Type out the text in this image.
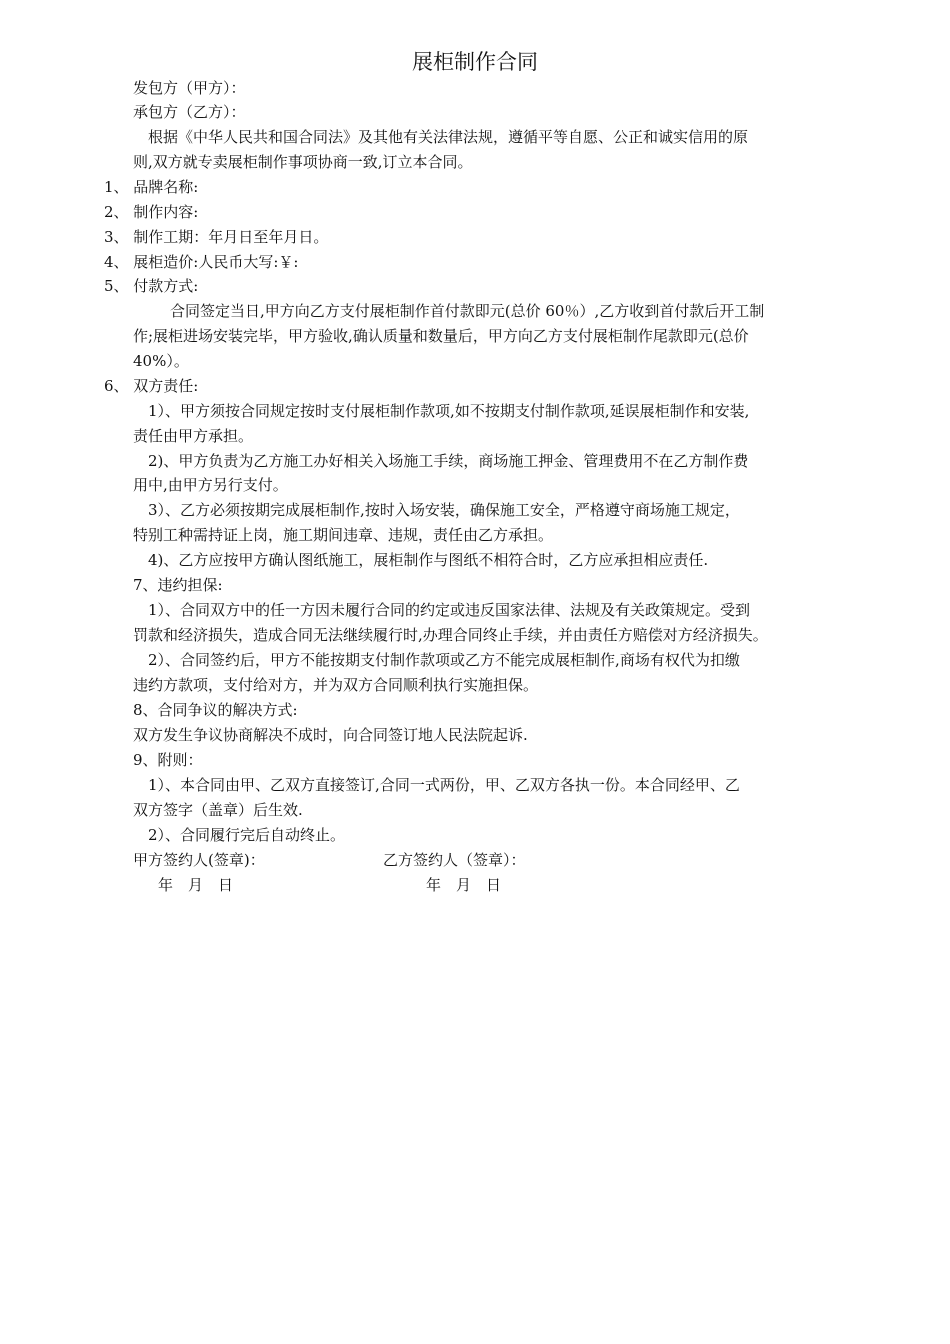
展柜制作合同
发包方（甲方）：
承包方（乙方）：
根据《中华人民共和国合同法》及其他有关法律法规，遵循平等自愿、公正和诚实信用的原
则,双方就专卖展柜制作事项协商一致,订立本合同。
1、 品牌名称:
2、 制作内容:
3、 制作工期：年月日至年月日。
4、 展柜造价:人民币大写:￥:
5、 付款方式:
合同签定当日,甲方向乙方支付展柜制作首付款即元(总价 60％）,乙方收到首付款后开工制
作;展柜进场安装完毕，甲方验收,确认质量和数量后，甲方向乙方支付展柜制作尾款即元(总价
40%）。
6、 双方责任:
1）、甲方须按合同规定按时支付展柜制作款项,如不按期支付制作款项,延误展柜制作和安装,
责任由甲方承担。
2)、甲方负责为乙方施工办好相关入场施工手续，商场施工押金、管理费用不在乙方制作费
用中,由甲方另行支付。
3）、乙方必须按期完成展柜制作,按时入场安装，确保施工安全，严格遵守商场施工规定，
特别工种需持证上岗，施工期间违章、违规，责任由乙方承担。
4)、乙方应按甲方确认图纸施工，展柜制作与图纸不相符合时，乙方应承担相应责任.
7、违约担保:
1）、合同双方中的任一方因未履行合同的约定或违反国家法律、法规及有关政策规定。受到
罚款和经济损失，造成合同无法继续履行时,办理合同终止手续，并由责任方赔偿对方经济损失。
2）、合同签约后，甲方不能按期支付制作款项或乙方不能完成展柜制作,商场有权代为扣缴
违约方款项，支付给对方，并为双方合同顺利执行实施担保。
8、合同争议的解决方式:
双方发生争议协商解决不成时，向合同签订地人民法院起诉.
9、附则：
1）、本合同由甲、乙双方直接签订,合同一式两份，甲、乙双方各执一份。本合同经甲、乙
双方签字（盖章）后生效.
2）、合同履行完后自动终止。
甲方签约人(签章)：	乙方签约人（签章）：
年　月　日	年　月　日
